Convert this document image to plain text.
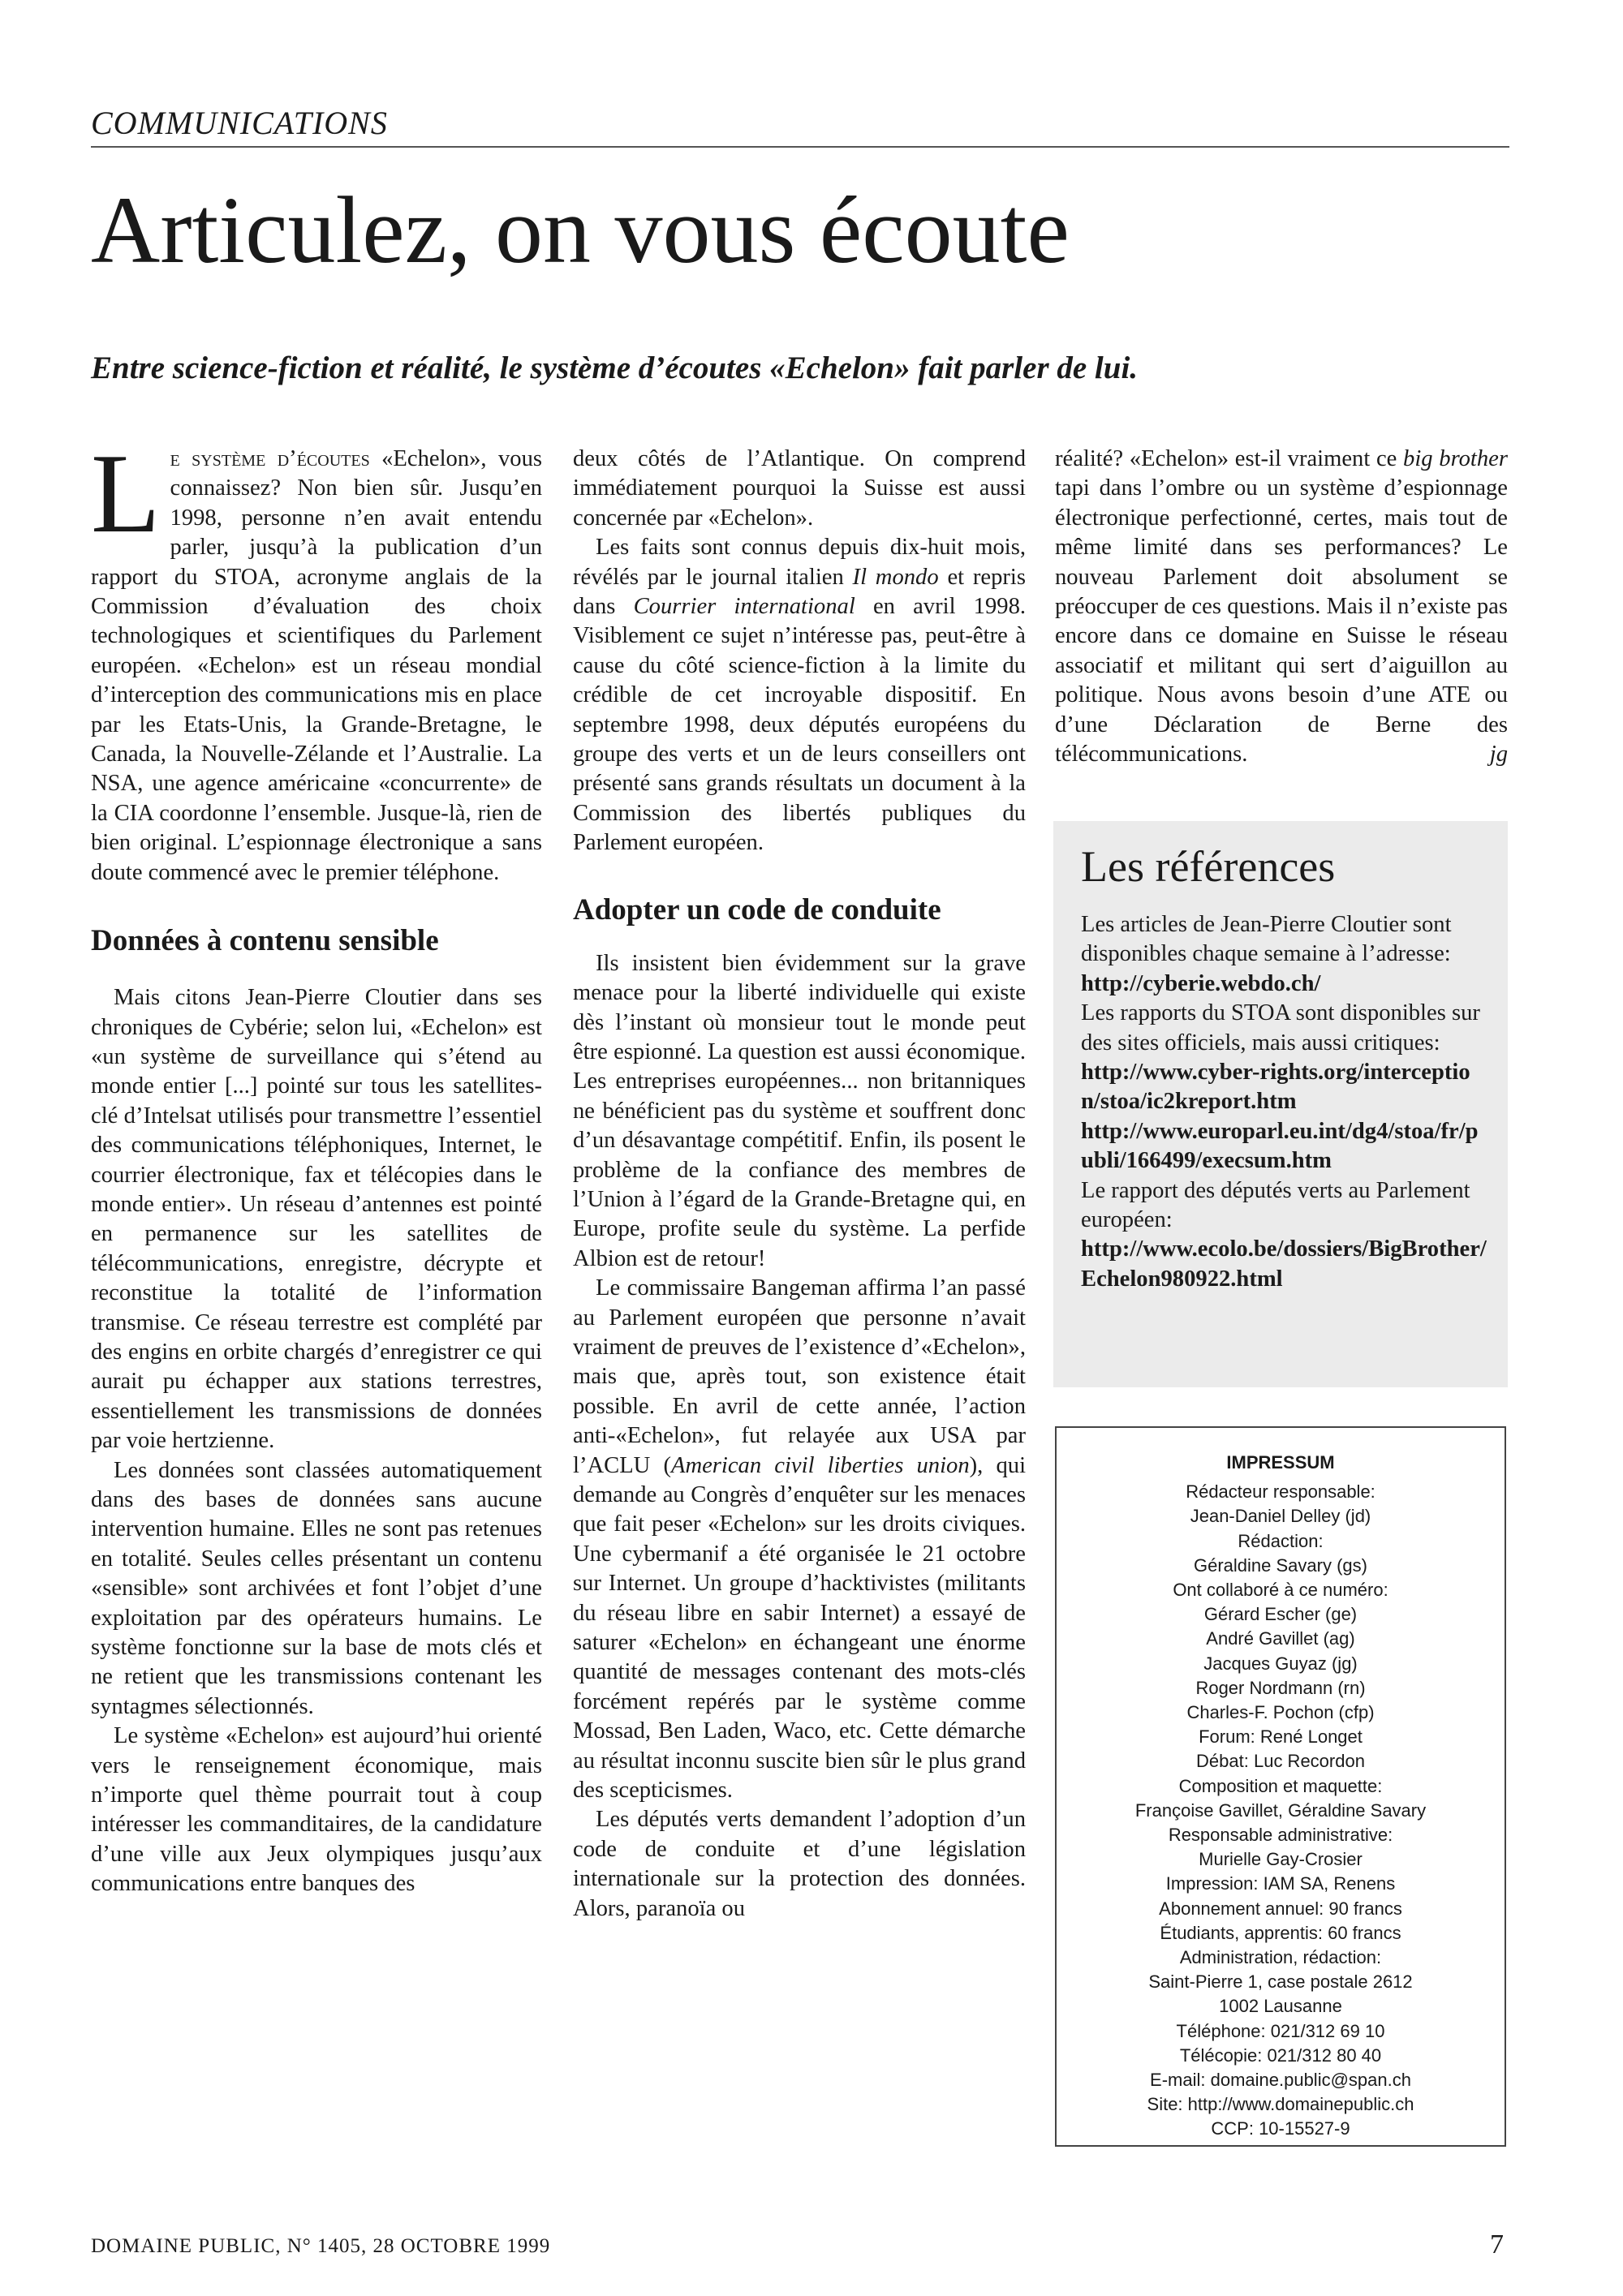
COMMUNICATIONS
Articulez, on vous écoute
Entre science-fiction et réalité, le système d’écoutes «Echelon» fait parler de lui.

Le système d’écoutes «Echelon», vous connaissez? Non bien sûr. Jusqu’en 1998, personne n’en avait entendu parler, jusqu’à la publication d’un rapport du STOA, acronyme anglais de la Commission d’évaluation des choix technologiques et scientifiques du Parlement européen. «Echelon» est un réseau mondial d’interception des communications mis en place par les Etats-Unis, la Grande-Bretagne, le Canada, la Nouvelle-Zélande et l’Australie. La NSA, une agence américaine «concurrente» de la CIA coordonne l’ensemble. Jusque-là, rien de bien original. L’espionnage électronique a sans doute commencé avec le premier téléphone.

Données à contenu sensible

Mais citons Jean-Pierre Cloutier dans ses chroniques de Cybérie; selon lui, «Echelon» est «un système de surveillance qui s’étend au monde entier [...] pointé sur tous les satellites-clé d’Intelsat utilisés pour transmettre l’essentiel des communications téléphoniques, Internet, le courrier électronique, fax et télécopies dans le monde entier». Un réseau d’antennes est pointé en permanence sur les satellites de télécommunications, enregistre, décrypte et reconstitue la totalité de l’information transmise. Ce réseau terrestre est complété par des engins en orbite chargés d’enregistrer ce qui aurait pu échapper aux stations terrestres, essentiellement les transmissions de données par voie hertzienne.

Les données sont classées automatiquement dans des bases de données sans aucune intervention humaine. Elles ne sont pas retenues en totalité. Seules celles présentant un contenu «sensible» sont archivées et font l’objet d’une exploitation par des opérateurs humains. Le système fonctionne sur la base de mots clés et ne retient que les transmissions contenant les syntagmes sélectionnés.

Le système «Echelon» est aujourd’hui orienté vers le renseignement économique, mais n’importe quel thème pourrait tout à coup intéresser les commanditaires, de la candidature d’une ville aux Jeux olympiques jusqu’aux communications entre banques des

deux côtés de l’Atlantique. On comprend immédiatement pourquoi la Suisse est aussi concernée par «Echelon».

Les faits sont connus depuis dix-huit mois, révélés par le journal italien Il mondo et repris dans Courrier international en avril 1998. Visiblement ce sujet n’intéresse pas, peut-être à cause du côté science-fiction à la limite du crédible de cet incroyable dispositif. En septembre 1998, deux députés européens du groupe des verts et un de leurs conseillers ont présenté sans grands résultats un document à la Commission des libertés publiques du Parlement européen.

Adopter un code de conduite

Ils insistent bien évidemment sur la grave menace pour la liberté individuelle qui existe dès l’instant où monsieur tout le monde peut être espionné. La question est aussi économique. Les entreprises européennes... non britanniques ne bénéficient pas du système et souffrent donc d’un désavantage compétitif. Enfin, ils posent le problème de la confiance des membres de l’Union à l’égard de la Grande-Bretagne qui, en Europe, profite seule du système. La perfide Albion est de retour!

Le commissaire Bangeman affirma l’an passé au Parlement européen que personne n’avait vraiment de preuves de l’existence d’«Echelon», mais que, après tout, son existence était possible. En avril de cette année, l’action anti-«Echelon», fut relayée aux USA par l’ACLU (American civil liberties union), qui demande au Congrès d’enquêter sur les menaces que fait peser «Echelon» sur les droits civiques. Une cybermanif a été organisée le 21 octobre sur Internet. Un groupe d’hacktivistes (militants du réseau libre en sabir Internet) a essayé de saturer «Echelon» en échangeant une énorme quantité de messages contenant des mots-clés forcément repérés par le système comme Mossad, Ben Laden, Waco, etc. Cette démarche au résultat inconnu suscite bien sûr le plus grand des scepticismes.

Les députés verts demandent l’adoption d’un code de conduite et d’une législation internationale sur la protection des données. Alors, paranoïa ou

réalité? «Echelon» est-il vraiment ce big brother tapi dans l’ombre ou un système d’espionnage électronique perfectionné, certes, mais tout de même limité dans ses performances? Le nouveau Parlement doit absolument se préoccuper de ces questions. Mais il n’existe pas encore dans ce domaine en Suisse le réseau associatif et militant qui sert d’aiguillon au politique. Nous avons besoin d’une ATE ou d’une Déclaration de Berne des télécommunications.	jg

Les références
Les articles de Jean-Pierre Cloutier sont disponibles chaque semaine à l’adresse:
http://cyberie.webdo.ch/
Les rapports du STOA sont disponibles sur des sites officiels, mais aussi critiques:
http://www.cyber-rights.org/interception/stoa/ic2kreport.htm
http://www.europarl.eu.int/dg4/stoa/fr/publi/166499/execsum.htm
Le rapport des députés verts au Parlement européen:
http://www.ecolo.be/dossiers/BigBrother/Echelon980922.html
IMPRESSUM
Rédacteur responsable:
Jean-Daniel Delley (jd)
Rédaction:
Géraldine Savary (gs)
Ont collaboré à ce numéro:
Gérard Escher (ge)
André Gavillet (ag)
Jacques Guyaz (jg)
Roger Nordmann (rn)
Charles-F. Pochon (cfp)
Forum: René Longet
Débat: Luc Recordon
Composition et maquette:
Françoise Gavillet, Géraldine Savary
Responsable administrative:
Murielle Gay-Crosier
Impression: IAM SA, Renens
Abonnement annuel: 90 francs
Étudiants, apprentis: 60 francs
Administration, rédaction:
Saint-Pierre 1, case postale 2612
1002 Lausanne
Téléphone: 021/312 69 10
Télécopie: 021/312 80 40
E-mail: domaine.public@span.ch
Site: http://www.domainepublic.ch
CCP: 10-15527-9
DOMAINE PUBLIC, N° 1405, 28 OCTOBRE 1999	7
